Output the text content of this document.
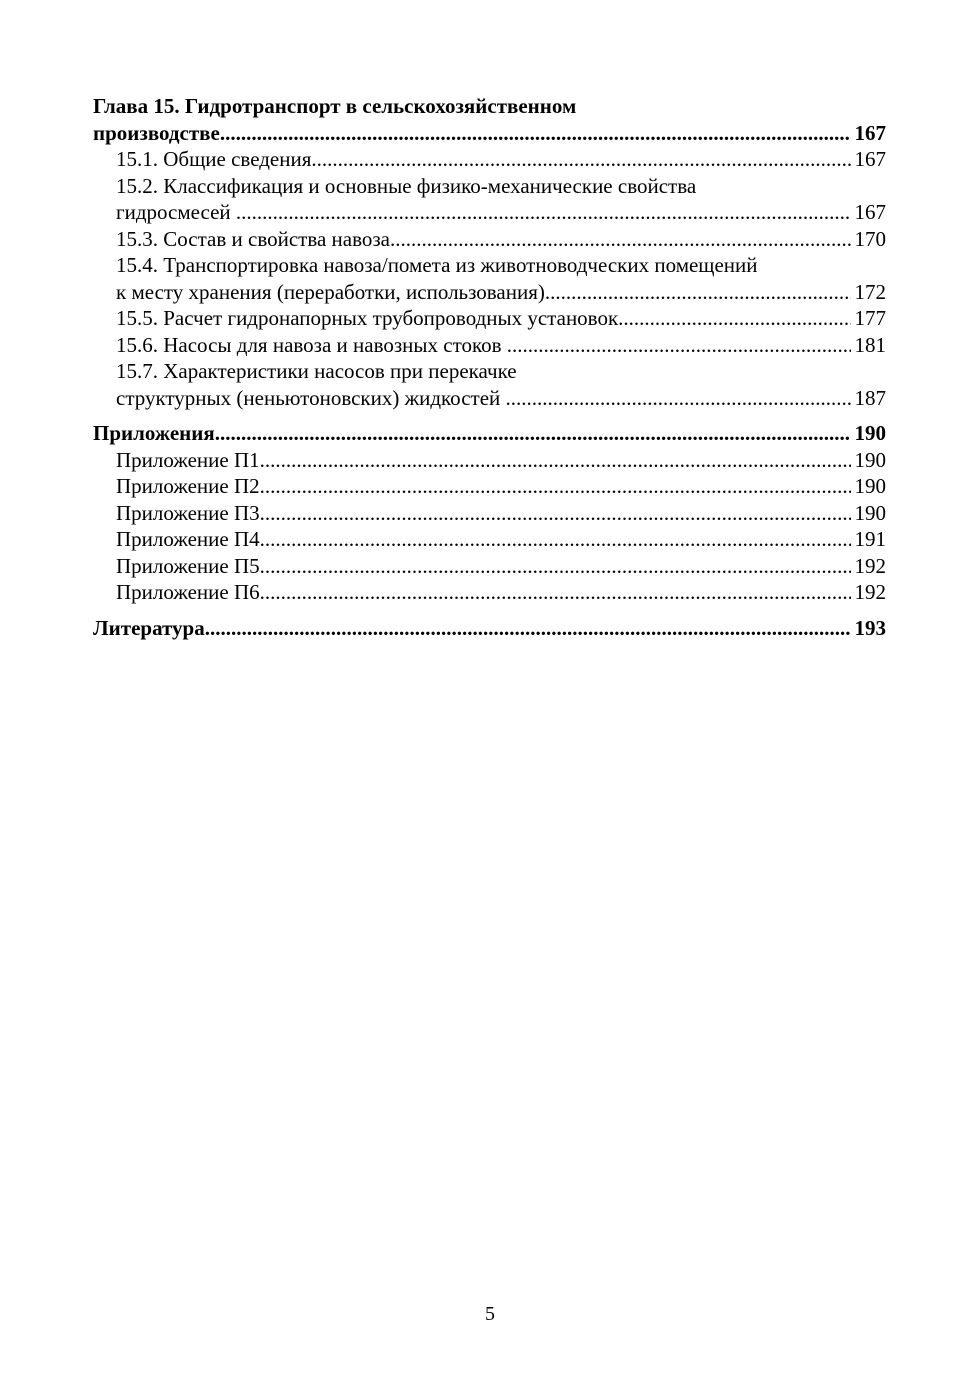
Глава 15. Гидротранспорт в сельскохозяйственном
производстве .....	167
15.1. Общие сведения .....	167
15.2. Классификация и основные физико-механические свойства
гидросмесей .....	167
15.3. Состав и свойства навоза .....	170
15.4. Транспортировка навоза/помета из животноводческих помещений
к месту хранения (переработки, использования) .....	172
15.5. Расчет гидронапорных трубопроводных установок .....	177
15.6. Насосы для навоза и навозных стоков .....	181
15.7. Характеристики насосов при перекачке
структурных (неньютоновских) жидкостей .....	187
Приложения .....	190
Приложение П1 .....	190
Приложение П2 .....	190
Приложение П3 .....	190
Приложение П4 .....	191
Приложение П5 .....	192
Приложение П6 .....	192
Литература .....	193
5
